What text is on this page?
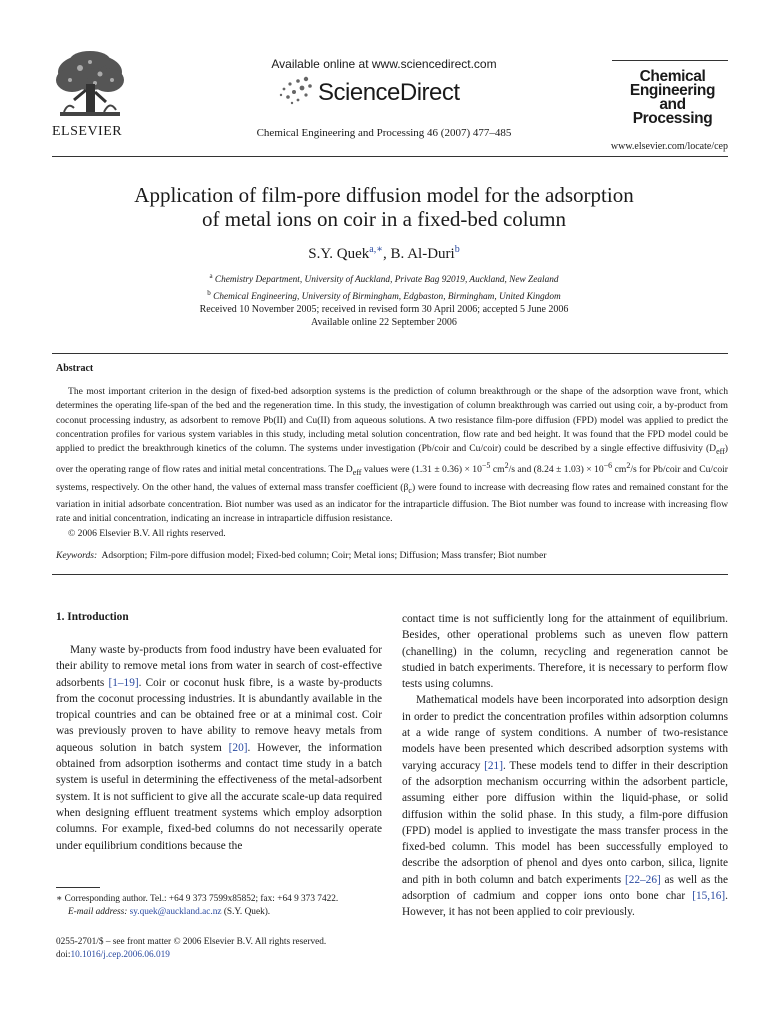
ELSEVIER
Available online at www.sciencedirect.com
ScienceDirect
Chemical Engineering and Processing 46 (2007) 477–485
Chemical
Engineering
and
Processing
www.elsevier.com/locate/cep
Application of film-pore diffusion model for the adsorption
of metal ions on coir in a fixed-bed column
S.Y. Quek$^{a,∗}$, B. Al-Duri$^b$
$^a$ Chemistry Department, University of Auckland, Private Bag 92019, Auckland, New Zealand
$^b$ Chemical Engineering, University of Birmingham, Edgbaston, Birmingham, United Kingdom
Received 10 November 2005; received in revised form 30 April 2006; accepted 5 June 2006
Available online 22 September 2006
Abstract

The most important criterion in the design of fixed-bed adsorption systems is the prediction of column breakthrough or the shape of the adsorption wave front, which determines the operating life-span of the bed and the regeneration time. In this study, the investigation of column breakthrough was carried out using coir, a by-product from coconut processing industry, as adsorbent to remove Pb(II) and Cu(II) from aqueous solutions. A two resistance film-pore diffusion (FPD) model was applied to predict the concentration profiles for various system variables in this study, including metal solution concentration, flow rate and bed height. It was found that the FPD model could be applied to predict the breakthrough kinetics of the column. The systems under investigation (Pb/coir and Cu/coir) could be described by a single effective diffusivity $(D_{eff})$ over the operating range of flow rates and initial metal concentrations. The $D_{eff}$ values were $(1.31 \pm 0.36) \times 10^{-5}$ $cm^2/s$ and $(8.24 \pm 1.03) \times 10^{-6}$ $cm^2/s$ for Pb/coir and Cu/coir systems, respectively. On the other hand, the values of external mass transfer coefficient $(\beta_c)$ were found to increase with decreasing flow rates and remained constant for the variation in initial adsorbate concentration. Biot number was used as an indicator for the intraparticle diffusion. The Biot number was found to increase with increasing flow rate and initial concentration, indicating an increase in intraparticle diffusion resistance.

© 2006 Elsevier B.V. All rights reserved.

Keywords: Adsorption; Film-pore diffusion model; Fixed-bed column; Coir; Metal ions; Diffusion; Mass transfer; Biot number
1. Introduction

Many waste by-products from food industry have been evaluated for their ability to remove metal ions from water in search of cost-effective adsorbents [1–19]. Coir or coconut husk fibre, is a waste by-products from the coconut processing industries. It is abundantly available in the tropical countries and can be obtained free or at a minimal cost. Coir was previously proven to have ability to remove heavy metals from aqueous solution in batch system [20]. However, the information obtained from adsorption isotherms and contact time study in a batch system is useful in determining the effectiveness of the metal-adsorbent system. It is not sufficient to give all the accurate scale-up data required when designing effluent treatment systems which employ adsorption columns. For example, fixed-bed columns do not necessarily operate under equilibrium conditions because the

contact time is not sufficiently long for the attainment of equilibrium. Besides, other operational problems such as uneven flow pattern (chanelling) in the column, recycling and regeneration cannot be studied in batch experiments. Therefore, it is necessary to perform flow tests using columns.

Mathematical models have been incorporated into adsorption design in order to predict the concentration profiles within adsorption columns at a wide range of system conditions. A number of two-resistance models have been presented which described adsorption systems with varying accuracy [21]. These models tend to differ in their description of the adsorption mechanism occurring within the adsorbent particle, assuming either pore diffusion within the liquid-phase, or solid diffusion within the solid phase. In this study, a film-pore diffusion (FPD) model is applied to investigate the mass transfer process in the fixed-bed column. This model has been successfully employed to describe the adsorption of phenol and dyes onto carbon, silica, lignite and pith in both column and batch experiments [22–26] as well as the adsorption of cadmium and copper ions onto bone char [15,16]. However, it has not been applied to coir previously.

∗ Corresponding author. Tel.: +64 9 373 7599x85852; fax: +64 9 373 7422.
E-mail address: sy.quek@auckland.ac.nz (S.Y. Quek).
0255-2701/$ – see front matter © 2006 Elsevier B.V. All rights reserved.
doi:10.1016/j.cep.2006.06.019
